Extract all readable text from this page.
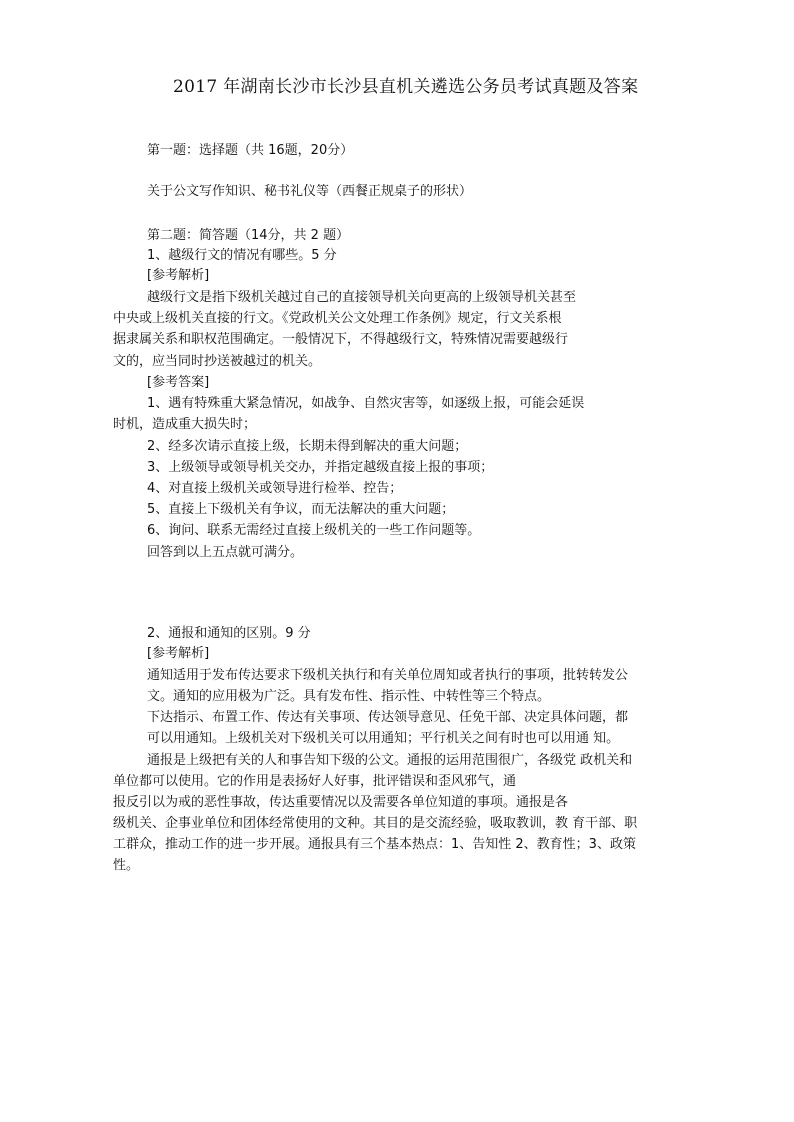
2017 年湖南长沙市长沙县直机关遴选公务员考试真题及答案
第一题：选择题（共 16题，20分）
关于公文写作知识、秘书礼仪等（西餐正规桌子的形状）
第二题：简答题（14分，共 2 题）
1、越级行文的情况有哪些。5 分
[参考解析]
越级行文是指下级机关越过自己的直接领导机关向更高的上级领导机关甚至
中央或上级机关直接的行文。《党政机关公文处理工作条例》规定，行文关系根
据隶属关系和职权范围确定。一般情况下，不得越级行文，特殊情况需要越级行
文的，应当同时抄送被越过的机关。
[参考答案]
1、遇有特殊重大紧急情况，如战争、自然灾害等，如逐级上报，可能会延误
时机，造成重大损失时；
2、经多次请示直接上级，长期未得到解决的重大问题；
3、上级领导或领导机关交办，并指定越级直接上报的事项；
4、对直接上级机关或领导进行检举、控告；
5、直接上下级机关有争议，而无法解决的重大问题；
6、询问、联系无需经过直接上级机关的一些工作问题等。
回答到以上五点就可满分。
2、通报和通知的区别。9 分
[参考解析]
通知适用于发布传达要求下级机关执行和有关单位周知或者执行的事项，批转转发公
文。通知的应用极为广泛。具有发布性、指示性、中转性等三个特点。
下达指示、布置工作、传达有关事项、传达领导意见、任免干部、决定具体问题，都
可以用通知。上级机关对下级机关可以用通知；平行机关之间有时也可以用通 知。
通报是上级把有关的人和事告知下级的公文。通报的运用范围很广，各级党 政机关和
单位都可以使用。它的作用是表扬好人好事，批评错误和歪风邪气，通
报反引以为戒的恶性事故，传达重要情况以及需要各单位知道的事项。通报是各
级机关、企事业单位和团体经常使用的文种。其目的是交流经验，吸取教训，教 育干部、职
工群众，推动工作的进一步开展。通报具有三个基本热点：1、告知性 2、教育性；3、政策
性。
